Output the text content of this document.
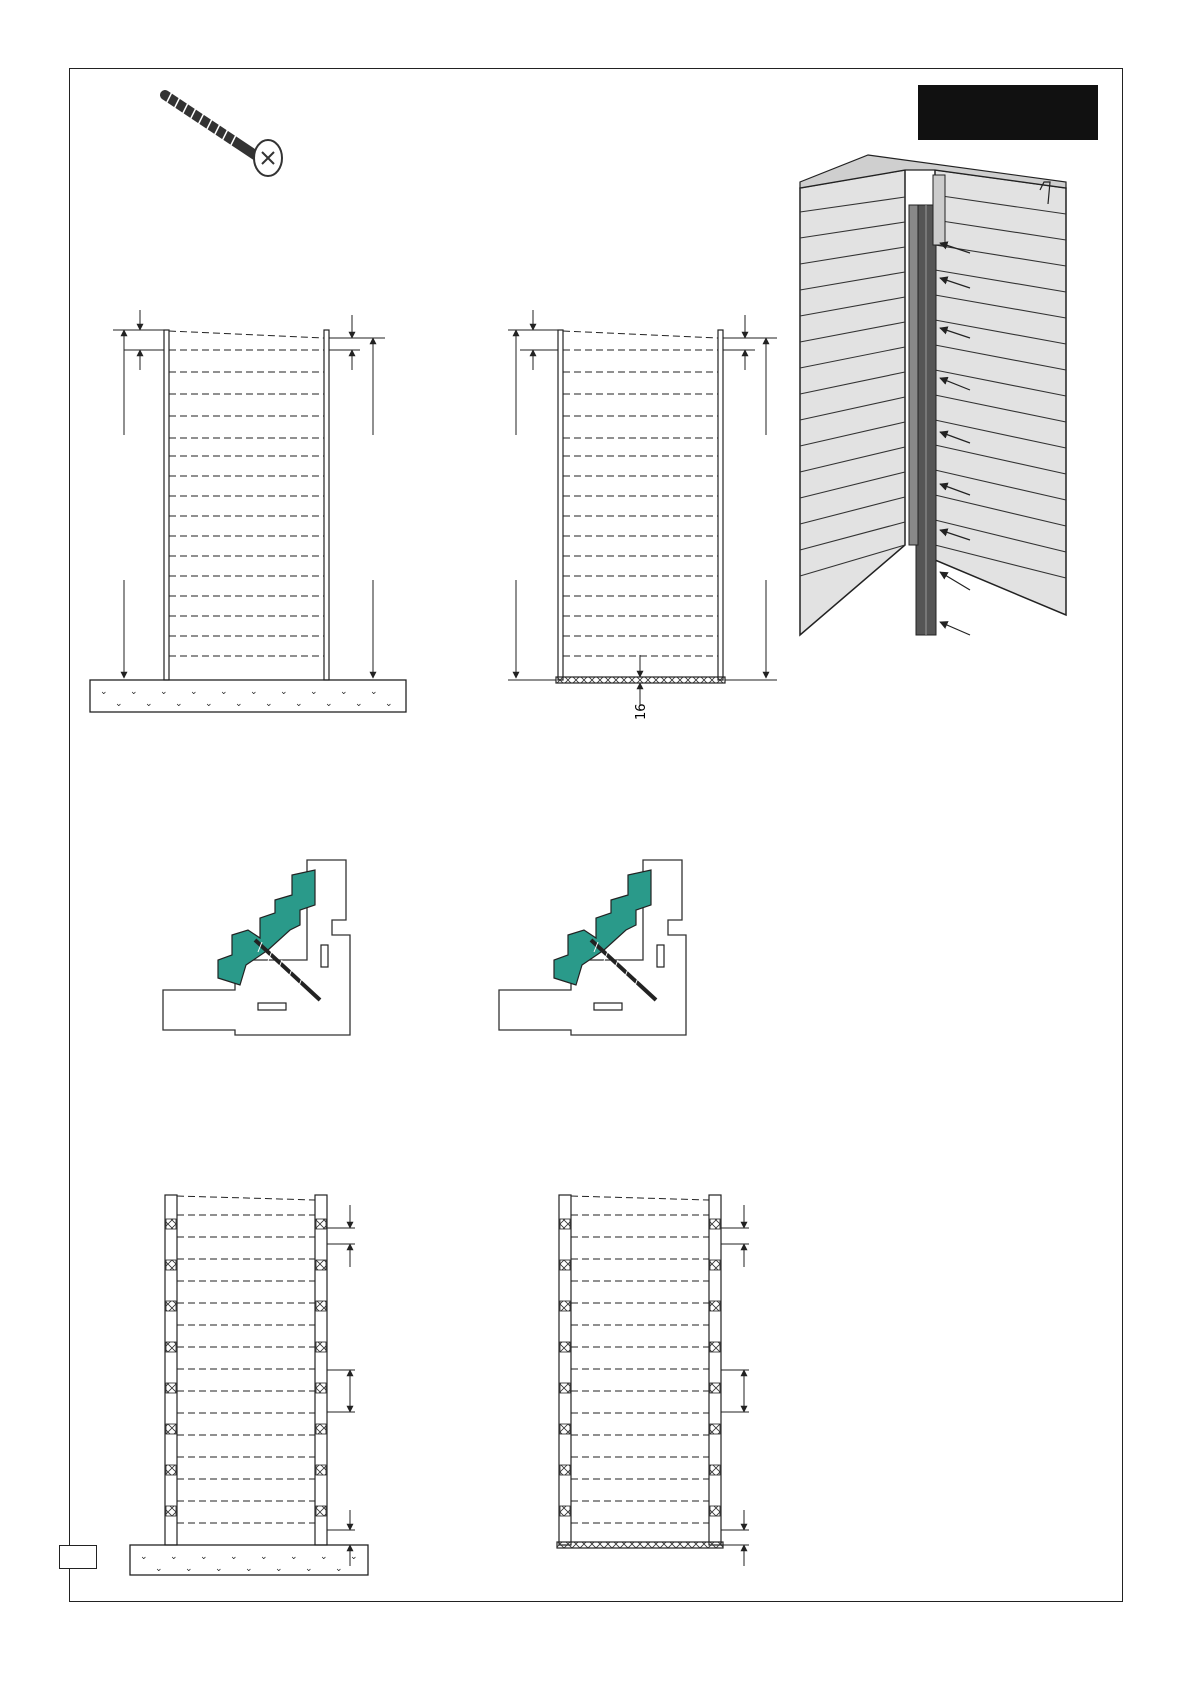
⌄ ⌄ ⌄ ⌄ ⌄ ⌄ ⌄ ⌄ ⌄ ⌄
⌄ ⌄ ⌄ ⌄ ⌄ ⌄ ⌄ ⌄ ⌄ ⌄
16
⌄ ⌄ ⌄ ⌄ ⌄ ⌄ ⌄ ⌄
⌄ ⌄ ⌄ ⌄ ⌄ ⌄ ⌄
